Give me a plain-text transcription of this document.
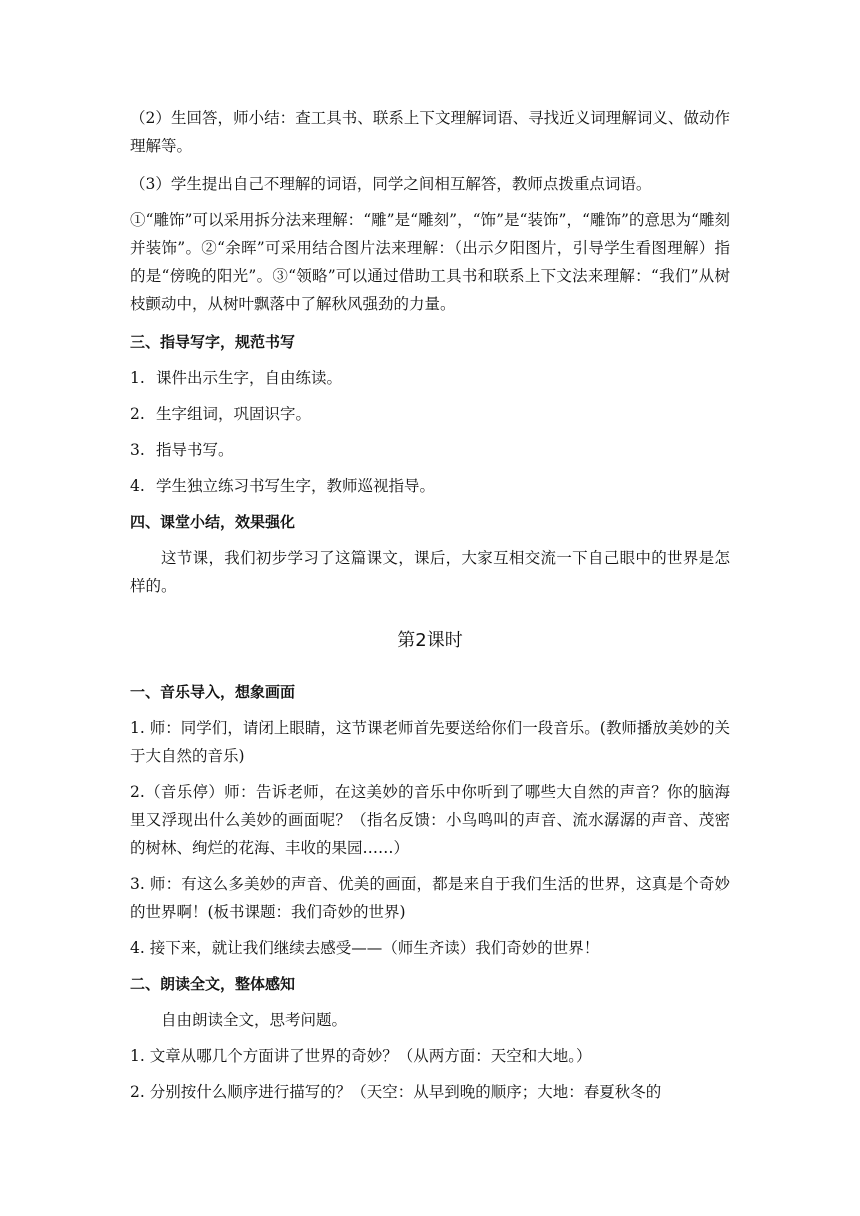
（2）生回答，师小结：查工具书、联系上下文理解词语、寻找近义词理解词义、做动作理解等。

（3）学生提出自己不理解的词语，同学之间相互解答，教师点拨重点词语。

①“雕饰”可以采用拆分法来理解：“雕”是“雕刻”，“饰”是“装饰”，“雕饰”的意思为“雕刻并装饰”。②“余晖”可采用结合图片法来理解：（出示夕阳图片，引导学生看图理解）指的是“傍晚的阳光”。③“领略”可以通过借助工具书和联系上下文法来理解：“我们”从树枝颤动中，从树叶飘落中了解秋风强劲的力量。

三、指导写字，规范书写

1. 课件出示生字，自由练读。

2. 生字组词，巩固识字。

3. 指导书写。

4. 学生独立练习书写生字，教师巡视指导。

四、课堂小结，效果强化

这节课，我们初步学习了这篇课文，课后，大家互相交流一下自己眼中的世界是怎样的。

第2课时

一、音乐导入，想象画面

1. 师：同学们，请闭上眼睛，这节课老师首先要送给你们一段音乐。(教师播放美妙的关于大自然的音乐)

2.（音乐停）师：告诉老师，在这美妙的音乐中你听到了哪些大自然的声音？你的脑海里又浮现出什么美妙的画面呢？（指名反馈：小鸟鸣叫的声音、流水潺潺的声音、茂密的树林、绚烂的花海、丰收的果园……）

3. 师：有这么多美妙的声音、优美的画面，都是来自于我们生活的世界，这真是个奇妙的世界啊！(板书课题：我们奇妙的世界)

4. 接下来，就让我们继续去感受——（师生齐读）我们奇妙的世界！

二、朗读全文，整体感知

自由朗读全文，思考问题。

1. 文章从哪几个方面讲了世界的奇妙？（从两方面：天空和大地。）

2. 分别按什么顺序进行描写的？（天空：从早到晚的顺序；大地：春夏秋冬的
